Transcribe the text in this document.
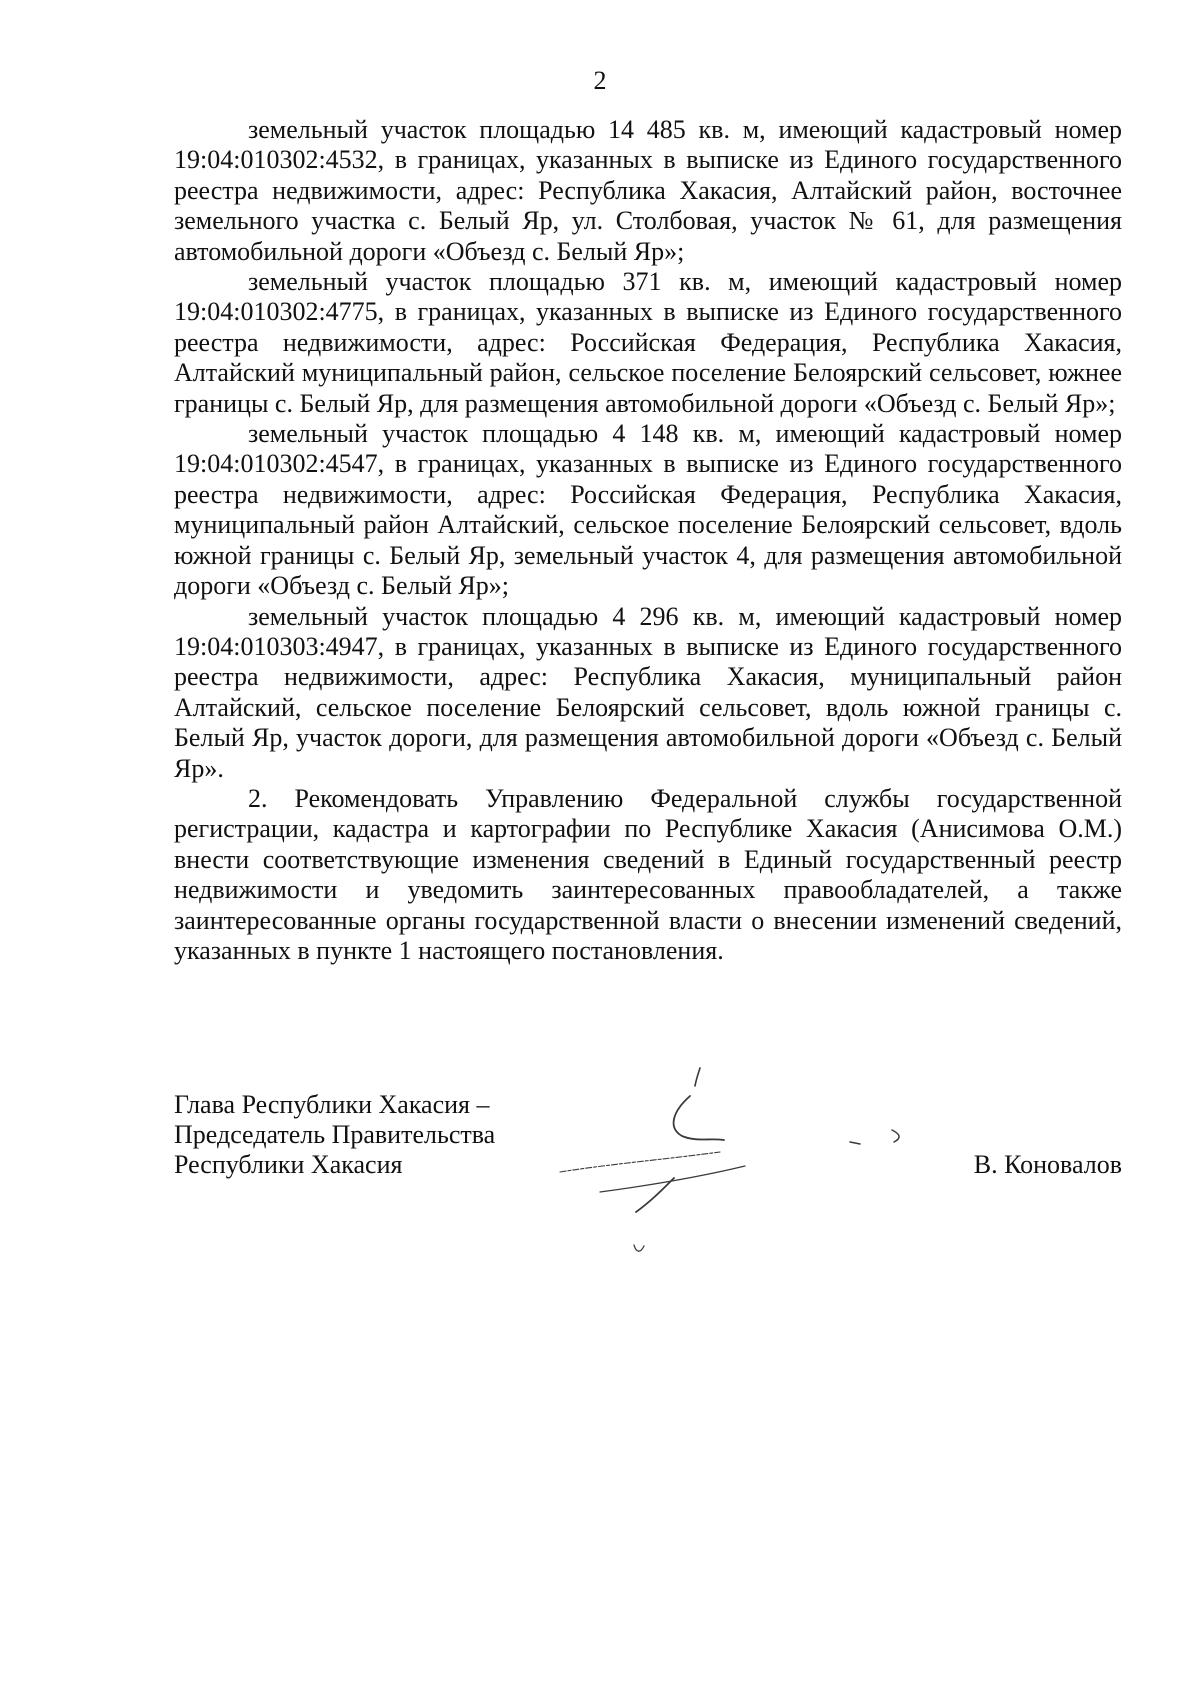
2

земельный участок площадью 14 485 кв. м, имеющий кадастровый номер 19:04:010302:4532, в границах, указанных в выписке из Единого государственного реестра недвижимости, адрес: Республика Хакасия, Алтайский район, восточнее земельного участка с. Белый Яр, ул. Столбовая, участок № 61, для размещения автомобильной дороги «Объезд с. Белый Яр»;

земельный участок площадью 371 кв. м, имеющий кадастровый номер 19:04:010302:4775, в границах, указанных в выписке из Единого государственного реестра недвижимости, адрес: Российская Федерация, Республика Хакасия, Алтайский муниципальный район, сельское поселение Белоярский сельсовет, южнее границы с. Белый Яр, для размещения автомобильной дороги «Объезд с. Белый Яр»;

земельный участок площадью 4 148 кв. м, имеющий кадастровый номер 19:04:010302:4547, в границах, указанных в выписке из Единого государственного реестра недвижимости, адрес: Российская Федерация, Республика Хакасия, муниципальный район Алтайский, сельское поселение Белоярский сельсовет, вдоль южной границы с. Белый Яр, земельный участок 4, для размещения автомобильной дороги «Объезд с. Белый Яр»;

земельный участок площадью 4 296 кв. м, имеющий кадастровый номер 19:04:010303:4947, в границах, указанных в выписке из Единого государственного реестра недвижимости, адрес: Республика Хакасия, муниципальный район Алтайский, сельское поселение Белоярский сельсовет, вдоль южной границы с. Белый Яр, участок дороги, для размещения автомобильной дороги «Объезд с. Белый Яр».

2. Рекомендовать Управлению Федеральной службы государственной регистрации, кадастра и картографии по Республике Хакасия (Анисимова О.М.) внести соответствующие изменения сведений в Единый государственный реестр недвижимости и уведомить заинтересованных правообладателей, а также заинтересованные органы государственной власти о внесении изменений сведений, указанных в пункте 1 настоящего постановления.

Глава Республики Хакасия –
Председатель Правительства
Республики Хакасия	В. Коновалов
